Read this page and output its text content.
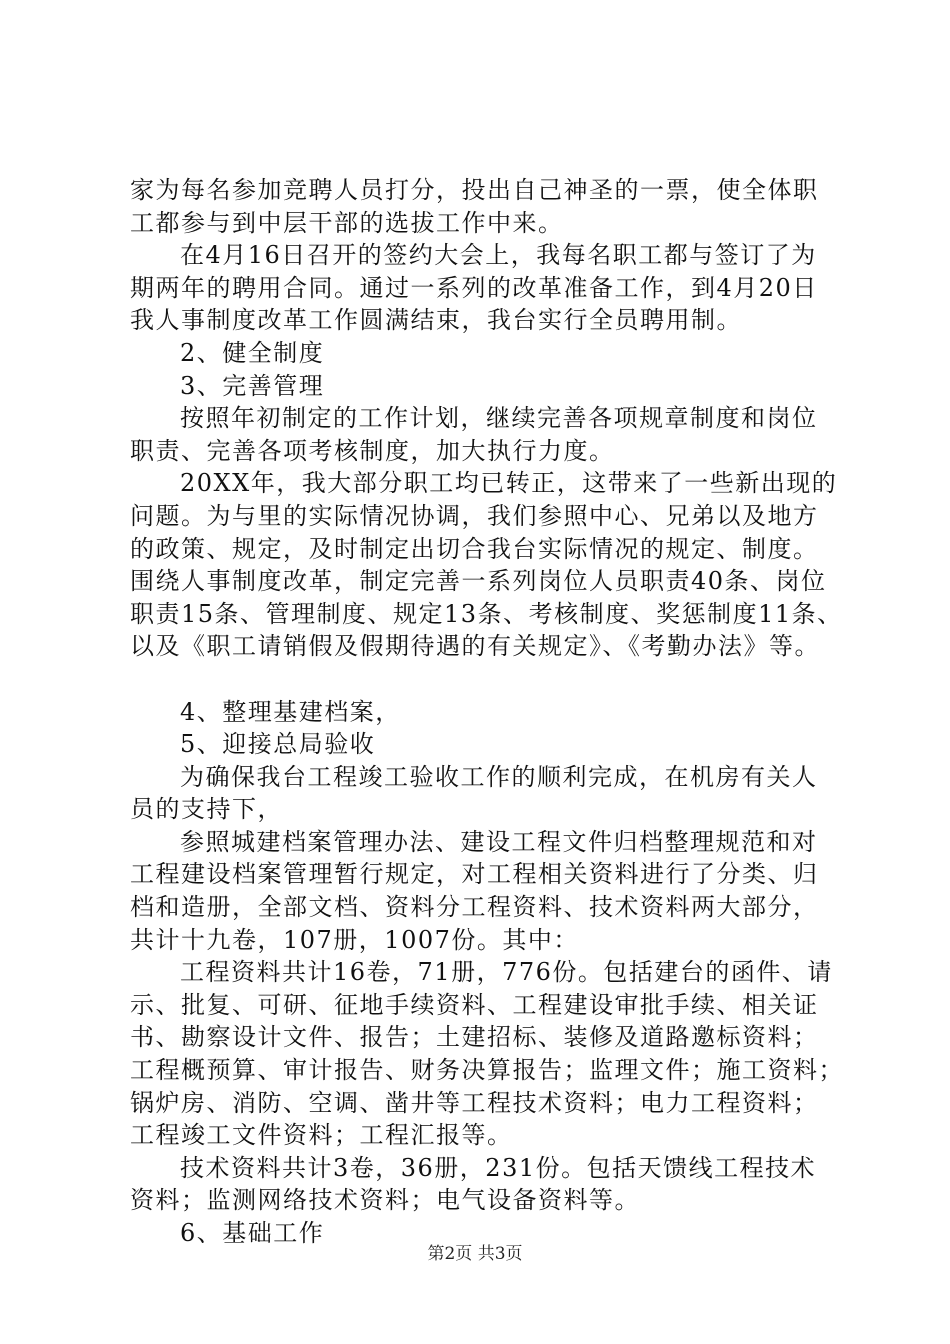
家为每名参加竞聘人员打分，投出自己神圣的一票，使全体职
工都参与到中层干部的选拔工作中来。
在4月16日召开的签约大会上，我每名职工都与签订了为
期两年的聘用合同。通过一系列的改革准备工作，到4月20日
我人事制度改革工作圆满结束，我台实行全员聘用制。
2、健全制度
3、完善管理
按照年初制定的工作计划，继续完善各项规章制度和岗位
职责、完善各项考核制度，加大执行力度。
20XX年，我大部分职工均已转正，这带来了一些新出现的
问题。为与里的实际情况协调，我们参照中心、兄弟以及地方
的政策、规定，及时制定出切合我台实际情况的规定、制度。
围绕人事制度改革，制定完善一系列岗位人员职责40条、岗位
职责15条、管理制度、规定13条、考核制度、奖惩制度11条、
以及《职工请销假及假期待遇的有关规定》、《考勤办法》等。
4、整理基建档案，
5、迎接总局验收
为确保我台工程竣工验收工作的顺利完成，在机房有关人
员的支持下，
参照城建档案管理办法、建设工程文件归档整理规范和对
工程建设档案管理暂行规定，对工程相关资料进行了分类、归
档和造册，全部文档、资料分工程资料、技术资料两大部分，
共计十九卷，107册，1007份。其中：
工程资料共计16卷，71册，776份。包括建台的函件、请
示、批复、可研、征地手续资料、工程建设审批手续、相关证
书、勘察设计文件、报告；土建招标、装修及道路邀标资料；
工程概预算、审计报告、财务决算报告；监理文件；施工资料；
锅炉房、消防、空调、凿井等工程技术资料；电力工程资料；
工程竣工文件资料；工程汇报等。
技术资料共计3卷，36册，231份。包括天馈线工程技术
资料；监测网络技术资料；电气设备资料等。
6、基础工作
第2页 共3页
